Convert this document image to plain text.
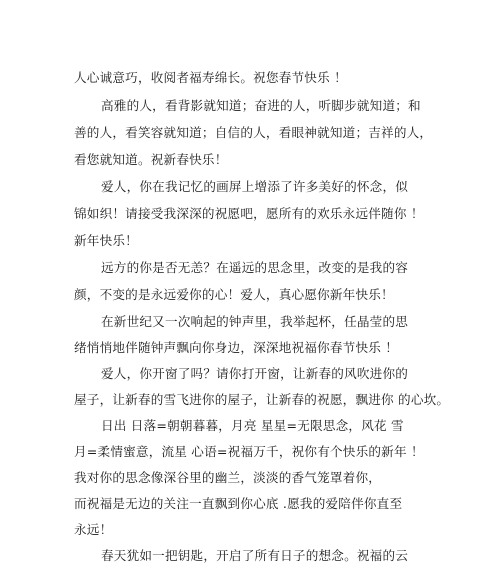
人心诚意巧，收阅者福寿绵长。祝您春节快乐 ！
高雅的人，看背影就知道；奋进的人，听脚步就知道；和
善的人，看笑容就知道；自信的人，看眼神就知道；吉祥的人，
看您就知道。祝新春快乐！
爱人，你在我记忆的画屏上增添了许多美好的怀念，似
锦如织！请接受我深深的祝愿吧，愿所有的欢乐永远伴随你 ！
新年快乐！
远方的你是否无恙？在遥远的思念里，改变的是我的容
颜，不变的是永远爱你的心！爱人，真心愿你新年快乐！
在新世纪又一次响起的钟声里，我举起杯，任晶莹的思
绪悄悄地伴随钟声飘向你身边，深深地祝福你春节快乐 ！
爱人，你开窗了吗？请你打开窗，让新春的风吹进你的
屋子，让新春的雪飞进你的屋子，让新春的祝愿，飘进你 的心坎。
日出 日落=朝朝暮暮，月亮 星星=无限思念，风花 雪
月=柔情蜜意，流星 心语=祝福万千，祝你有个快乐的新年 ！
我对你的思念像深谷里的幽兰，淡淡的香气笼罩着你，
而祝福是无边的关注一直飘到你心底 .愿我的爱陪伴你直至
永远！
春天犹如一把钥匙，开启了所有日子的想念。祝福的云
